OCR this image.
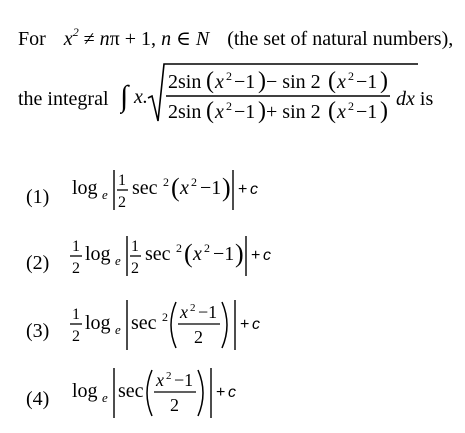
For $x^2 \ne n\pi + 1$, n ∈ N (the set of natural numbers),
the integral ∫ x.
2sin ( x 2 −1 ) − sin 2 ( x 2 −1 )
2sin ( x 2 −1 ) + sin 2 ( x 2 −1 ) dx is
(1) log e
1
2
sec 2 ( x 2 −1 ) + c
(2)
1
2
log e
1
2
sec 2 ( x 2 −1 ) + c
(3)
1
2
log e sec 2 x 2 −1
2
+ c
(4) log e sec x 2 −1
2
+ c
